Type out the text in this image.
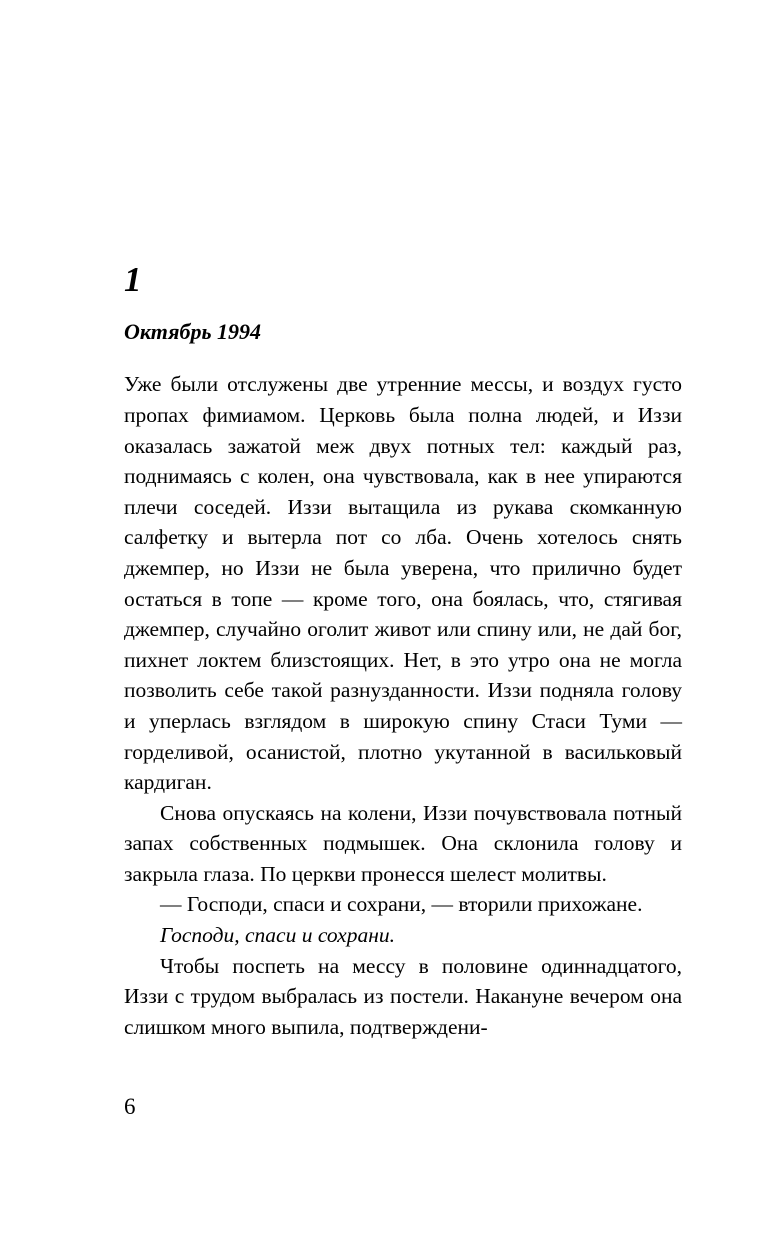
1
Октябрь 1994

Уже были отслужены две утренние мессы, и воздух густо пропах фимиамом. Церковь была полна людей, и Иззи оказалась зажатой меж двух потных тел: каждый раз, поднимаясь с колен, она чувствовала, как в нее упираются плечи соседей. Иззи вытащила из рукава скомканную салфетку и вытерла пот со лба. Очень хотелось снять джемпер, но Иззи не была уверена, что прилично будет остаться в топе — кроме того, она боялась, что, стягивая джемпер, случайно оголит живот или спину или, не дай бог, пихнет локтем близстоящих. Нет, в это утро она не могла позволить себе такой разнузданности. Иззи подняла голову и уперлась взглядом в широкую спину Стаси Туми — горделивой, осанистой, плотно укутанной в васильковый кардиган.

Снова опускаясь на колени, Иззи почувствовала потный запах собственных подмышек. Она склонила голову и закрыла глаза. По церкви пронесся шелест молитвы.

— Господи, спаси и сохрани, — вторили прихожане.

Господи, спаси и сохрани.

Чтобы поспеть на мессу в половине одиннадцатого, Иззи с трудом выбралась из постели. Накануне вечером она слишком много выпила, подтверждени-

6
